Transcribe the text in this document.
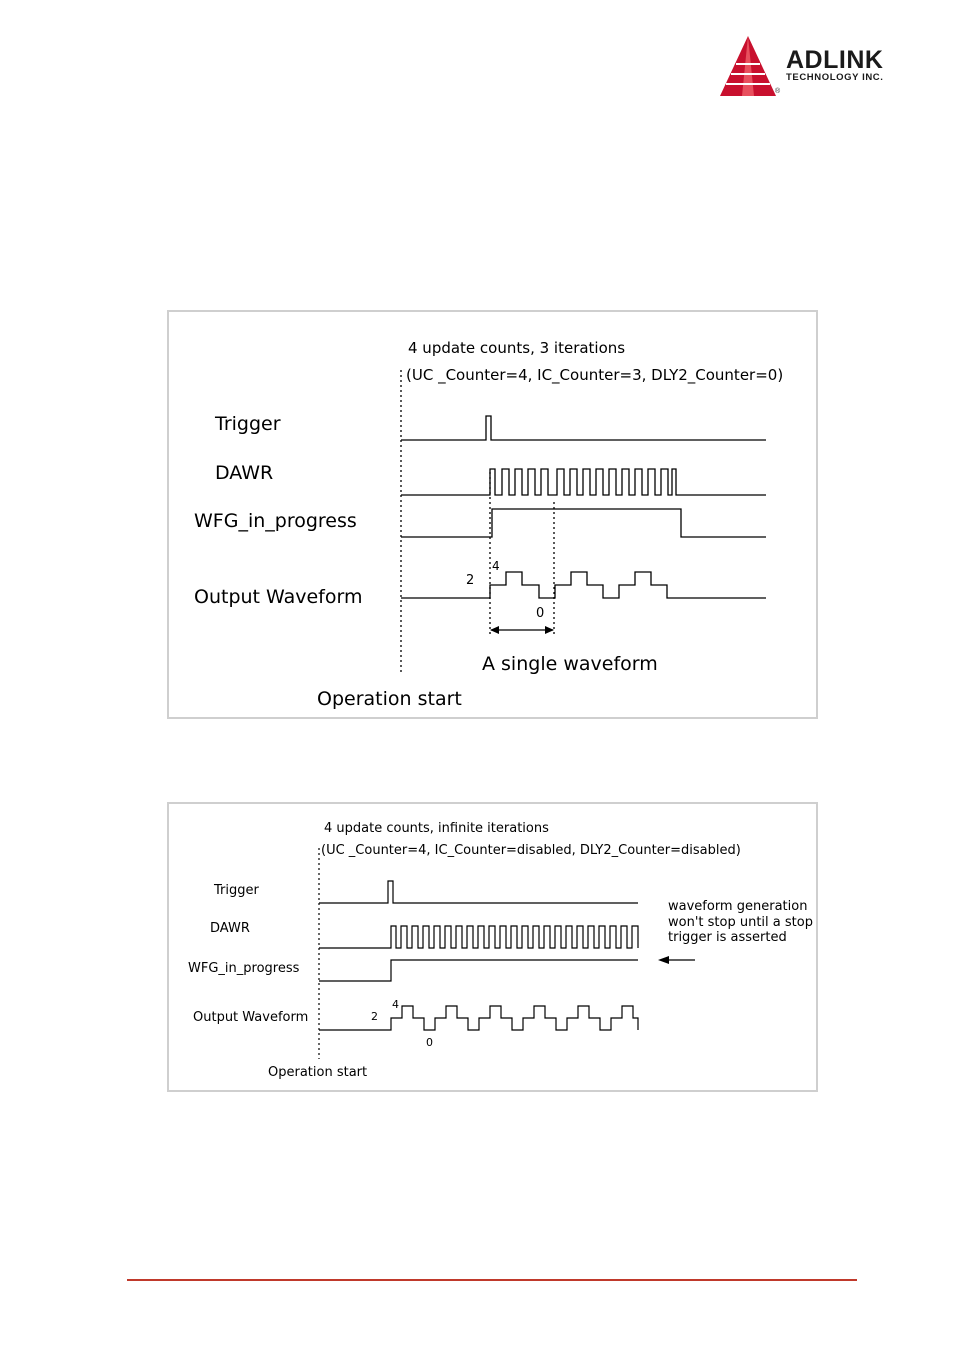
ADLINK
TECHNOLOGY INC.
®
4 update counts, 3 iterations
(UC _Counter=4, IC_Counter=3, DLY2_Counter=0)
Trigger
DAWR
WFG_in_progress
Output Waveform
4
2
0
A single waveform
Operation start
4 update counts, infinite iterations
(UC _Counter=4, IC_Counter=disabled, DLY2_Counter=disabled)
Trigger
DAWR
WFG_in_progress
Output Waveform
4
2
0
waveform generation
won't stop until a stop
trigger is asserted
Operation start
